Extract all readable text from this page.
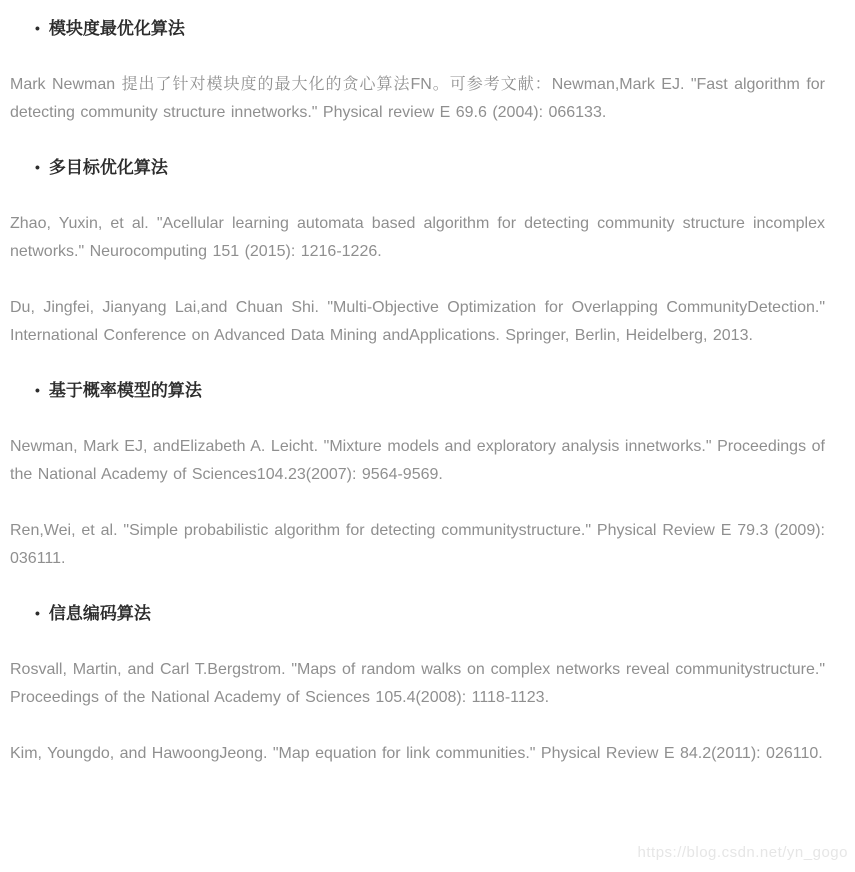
• 模块度最优化算法

Mark Newman 提出了针对模块度的最大化的贪心算法FN。可参考文献：Newman,Mark EJ. "Fast algorithm for detecting community structure innetworks." Physical review E 69.6 (2004): 066133.

• 多目标优化算法

Zhao, Yuxin, et al. "Acellular learning automata based algorithm for detecting community structure incomplex networks." Neurocomputing 151 (2015): 1216-1226.

Du, Jingfei, Jianyang Lai,and Chuan Shi. "Multi-Objective Optimization for Overlapping CommunityDetection." International Conference on Advanced Data Mining andApplications. Springer, Berlin, Heidelberg, 2013.

• 基于概率模型的算法

Newman, Mark EJ, andElizabeth A. Leicht. "Mixture models and exploratory analysis innetworks." Proceedings of the National Academy of Sciences104.23(2007): 9564-9569.

Ren,Wei, et al. "Simple probabilistic algorithm for detecting communitystructure." Physical Review E 79.3 (2009): 036111.

• 信息编码算法

Rosvall, Martin, and Carl T.Bergstrom. "Maps of random walks on complex networks reveal communitystructure." Proceedings of the National Academy of Sciences 105.4(2008): 1118-1123.

Kim, Youngdo, and HawoongJeong. "Map equation for link communities." Physical Review E 84.2(2011): 026110.

https://blog.csdn.net/yn_gogo
